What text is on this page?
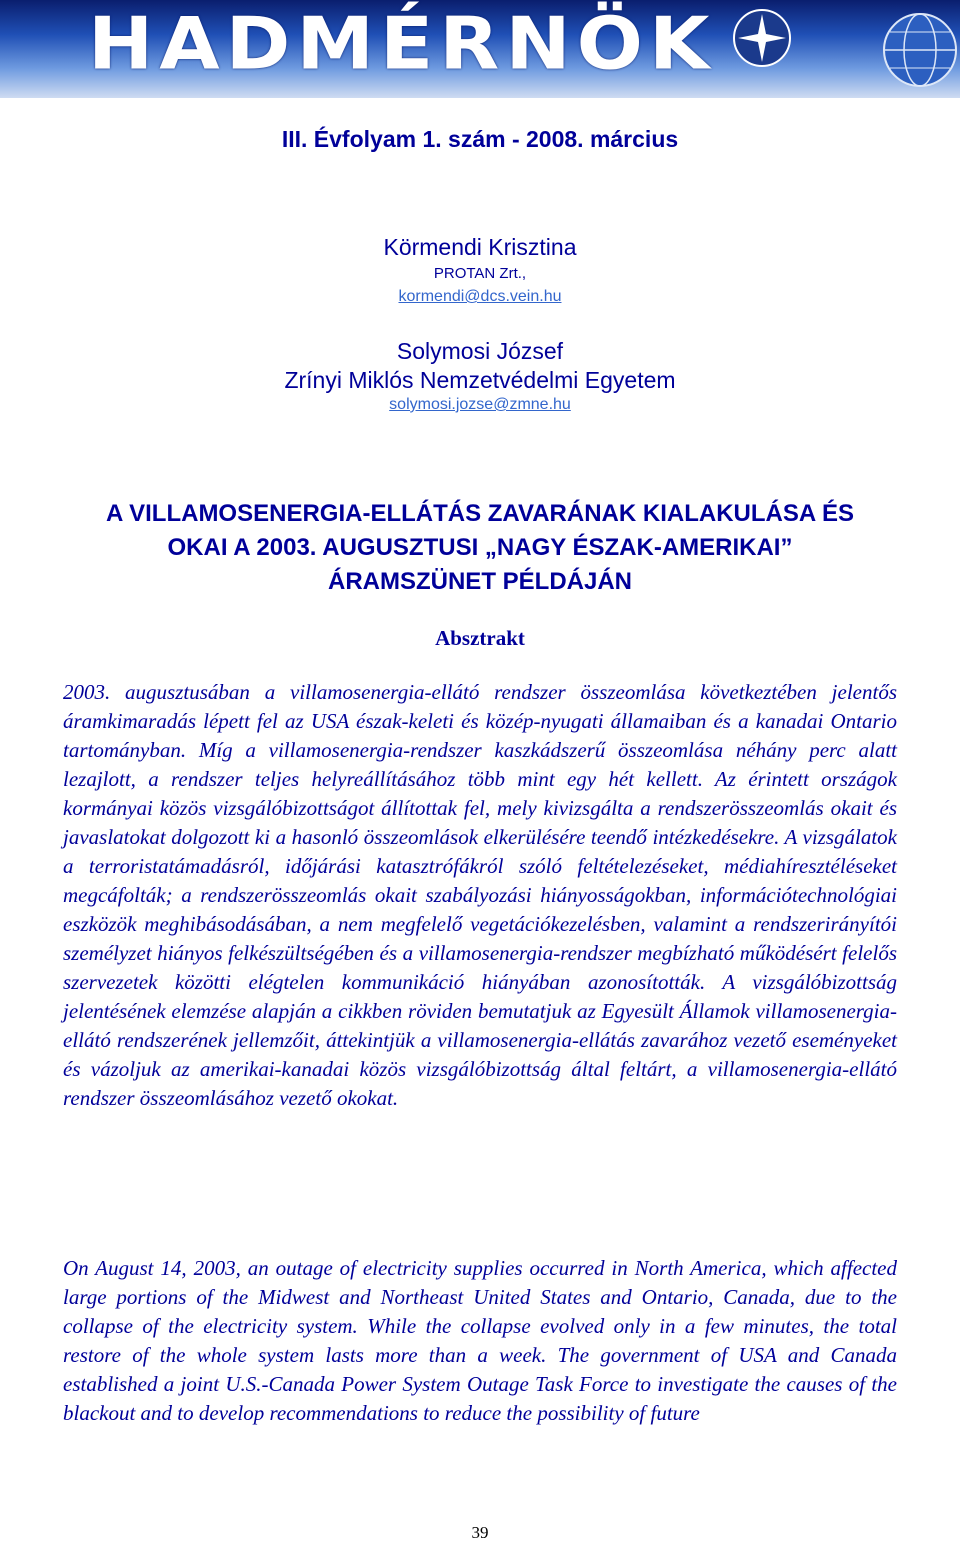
HADMÉRNÖK
III. Évfolyam 1. szám - 2008. március
Körmendi Krisztina
PROTAN Zrt.,
kormendi@dcs.vein.hu
Solymosi József
Zrínyi Miklós Nemzetvédelmi Egyetem
solymosi.jozse@zmne.hu
A VILLAMOSENERGIA-ELLÁTÁS ZAVARÁNAK KIALAKULÁSA ÉS
OKAI A 2003. AUGUSZTUSI „NAGY ÉSZAK-AMERIKAI”
ÁRAMSZÜNET PÉLDÁJÁN
Absztrakt

2003. augusztusában a villamosenergia-ellátó rendszer összeomlása következtében jelentős áramkimaradás lépett fel az USA észak-keleti és közép-nyugati államaiban és a kanadai Ontario tartományban. Míg a villamosenergia-rendszer kaszkádszerű összeomlása néhány perc alatt lezajlott, a rendszer teljes helyreállításához több mint egy hét kellett. Az érintett országok kormányai közös vizsgálóbizottságot állítottak fel, mely kivizsgálta a rendszerösszeomlás okait és javaslatokat dolgozott ki a hasonló összeomlások elkerülésére teendő intézkedésekre. A vizsgálatok a terroristatámadásról, időjárási katasztrófákról szóló feltételezéseket, médiahíresztéléseket megcáfolták; a rendszerösszeomlás okait szabályozási hiányosságokban, információtechnológiai eszközök meghibásodásában, a nem megfelelő vegetációkezelésben, valamint a rendszerirányítói személyzet hiányos felkészültségében és a villamosenergia-rendszer megbízható működésért felelős szervezetek közötti elégtelen kommunikáció hiányában azonosították. A vizsgálóbizottság jelentésének elemzése alapján a cikkben röviden bemutatjuk az Egyesült Államok villamosenergia-ellátó rendszerének jellemzőit, áttekintjük a villamosenergia-ellátás zavarához vezető eseményeket és vázoljuk az amerikai-kanadai közös vizsgálóbizottság által feltárt, a villamosenergia-ellátó rendszer összeomlásához vezető okokat.

On August 14, 2003, an outage of electricity supplies occurred in North America, which affected large portions of the Midwest and Northeast United States and Ontario, Canada, due to the collapse of the electricity system. While the collapse evolved only in a few minutes, the total restore of the whole system lasts more than a week. The government of USA and Canada established a joint U.S.-Canada Power System Outage Task Force to investigate the causes of the blackout and to develop recommendations to reduce the possibility of future

39
